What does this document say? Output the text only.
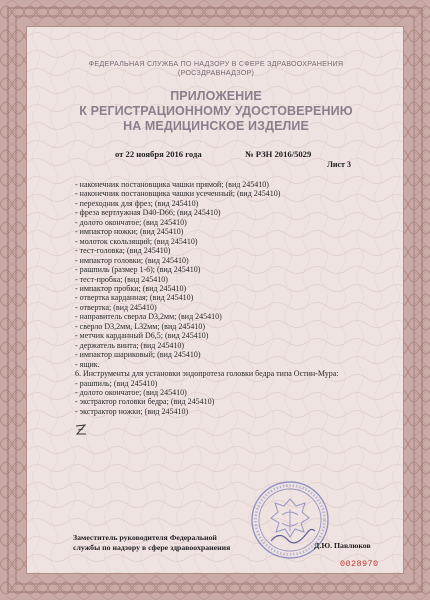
ФЕДЕРАЛЬНАЯ СЛУЖБА ПО НАДЗОРУ В СФЕРЕ ЗДРАВООХРАНЕНИЯ
(РОСЗДРАВНАДЗОР)
ПРИЛОЖЕНИЕ
К РЕГИСТРАЦИОННОМУ УДОСТОВЕРЕНИЮ
НА МЕДИЦИНСКОЕ ИЗДЕЛИЕ
от 22 ноября 2016 года	№ РЗН 2016/5029
Лист 3
- наконечник постановщика чашки прямой; (вид 245410)
- наконечник постановщика чашки усеченный; (вид 245410)
- переходник для фрез; (вид 245410)
- фреза вертлужная D40-D66; (вид 245410)
- долото окончатое; (вид 245410)
- импактор ножки; (вид 245410)
- молоток скользящий; (вид 245410)
- тест-головка; (вид 245410)
- импактор головки; (вид 245410)
- рашпиль (размер 1-6); (вид 245410)
- тест-пробка; (вид 245410)
- импактор пробки; (вид 245410)
- отвертка карданная; (вид 245410)
- отвертка; (вид 245410)
- направитель сверла D3,2мм; (вид 245410)
- сверло D3,2мм, L32мм; (вид 245410)
- метчик карданный D6,5; (вид 245410)
- держатель винта; (вид 245410)
- импактор шариковый; (вид 245410)
- ящик.
6. Инструменты для установки эндопротеза головки бедра типа Остин-Мура:
- рашпиль; (вид 245410)
- долото окончатое; (вид 245410)
- экстрактор головки бедра; (вид 245410)
- экстрактор ножки; (вид 245410)
Заместитель руководителя Федеральной
службы по надзору в сфере здравоохранения	Д.Ю. Павлюков
0028970
